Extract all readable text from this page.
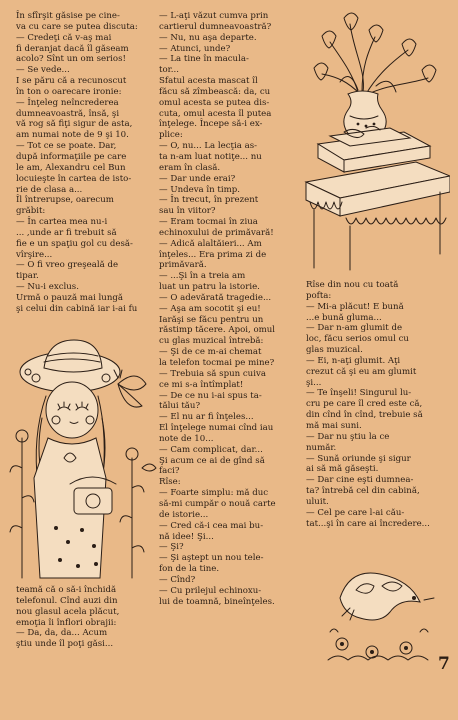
În sfîrşit găsise pe cine-

va cu care se putea discuta:

— Credeţi că v-aş mai

fi deranjat dacă îl găseam

acolo? Sînt un om serios!

— Se vede...

I se păru că a recunoscut

în ton o oarecare ironie:

— Înţeleg neîncrederea

dumneavoastră, însă, şi

vă rog să fiţi sigur de asta,

am numai note de 9 şi 10.

— Tot ce se poate. Dar,

după informaţiile pe care

le am, Alexandru cel Bun

locuieşte în cartea de isto-

rie de clasa a...

Îl întrerupse, oarecum

grăbit:

— În cartea mea nu-i

... ,unde ar fi trebuit să

fie e un spaţiu gol cu desă-

vîrşire...

— O fi vreo greşeală de

tipar.

— Nu-i exclus.

Urmă o pauză mai lungă

şi celui din cabină iar i-ai fu

teamă că o să-i închidă

telefonul. Cînd auzi din

nou glasul acela plăcut,

emoţia îi înflori obrajii:

— Da, da, da... Acum

ştiu unde îl poţi găsi...

— L-aţi văzut cumva prin

cartierul dumneavoastră?

— Nu, nu aşa departe.

— Atunci, unde?

— La tine în macula-

tor...

Sfatul acesta mascat îl

făcu să zîmbească: da, cu

omul acesta se putea dis-

cuta, omul acesta îl putea

înţelege. Începe să-i ex-

plice:

— O, nu... La lecţia as-

ta n-am luat notiţe... nu

eram în clasă.

— Dar unde erai?

— Undeva în timp.

— În trecut, în prezent

sau în viitor?

— Eram tocmai în ziua

echinoxului de primăvară!

— Adică alaltăieri... Am

înţeles... Era prima zi de

primăvară.

— ...Şi în a treia am

luat un patru la istorie.

— O adevărată tragedie...

— Aşa am socotit şi eu!

Iarăşi se făcu pentru un

răstimp tăcere. Apoi, omul

cu glas muzical întrebă:

— Şi de ce m-ai chemat

la telefon tocmai pe mine?

— Trebuia să spun cuiva

ce mi s-a întîmplat!

— De ce nu i-ai spus ta-

tălui tău?

— El nu ar fi înţeles...

El înţelege numai cînd iau

note de 10...

— Cam complicat, dar...

Şi acum ce ai de gînd să

faci?

Rîse:

— Foarte simplu: mă duc

să-mi cumpăr o nouă carte

de istorie...

— Cred că-i cea mai bu-

nă idee! Şi...

— Şi?

— Şi aştept un nou tele-

fon de la tine.

— Cînd?

— Cu prilejul echinoxu-

lui de toamnă, bineînţeles.

Rîse din nou cu toată

pofta:

— Mi-a plăcut! E bună

...e bună gluma...

— Dar n-am glumit de

loc, făcu serios omul cu

glas muzical.

— Ei, n-aţi glumit. Aţi

crezut că şi eu am glumit

şi...

— Te înşeli! Singurul lu-

cru pe care îl cred este că,

din cînd în cînd, trebuie să

mă mai suni.

— Dar nu ştiu la ce

număr.

— Sună oriunde şi sigur

ai să mă găseşti.

— Dar cine eşti dumnea-

ta? întrebă cel din cabină,

uluit.

— Cel pe care l-ai cău-

tat...şi în care ai încredere...

7
